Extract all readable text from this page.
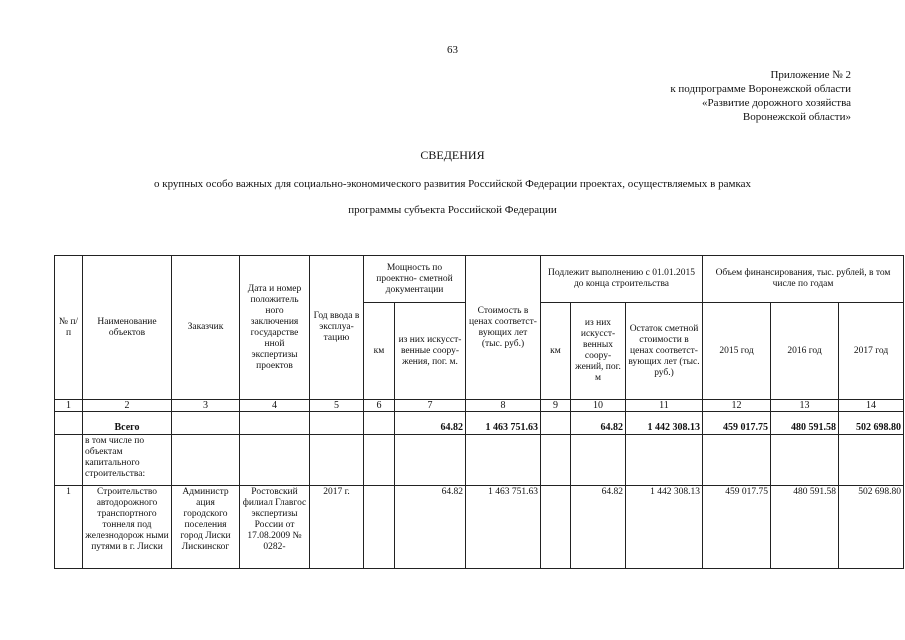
63
Приложение № 2
к подпрограмме Воронежской области
«Развитие дорожного хозяйства
Воронежской области»
СВЕДЕНИЯ
о крупных особо важных для социально-экономического развития Российской Федерации проектах, осуществляемых в рамках
программы субъекта Российской Федерации
№ п/п	Наименование объектов	Заказчик	Дата и номер положитель ного заключения государстве нной экспертизы проектов	Год ввода в эксплуа- тацию	Мощность по проектно- сметной документации		Стоимость в ценах соответст- вующих лет (тыс. руб.)	Подлежит выполнению с 01.01.2015 до конца строительства			Объем финансирования, тыс. рублей, в том числе по годам		
					км	из них искусст- венные соору- жения, пог. м.		км	из них искусст- венных соору- жений, пог. м	Остаток сметной стоимости в ценах соответст- вующих лет (тыс. руб.)	2015 год	2016 год	2017 год
1	2	3	4	5	6	7	8	9	10	11	12	13	14
	Всего					64.82	1 463 751.63		64.82	1 442 308.13	459 017.75	480 591.58	502 698.80
	в том числе по объектам капитального строительства:												
1	Строительство автодорожного транспортного тоннеля под железнодорож ными путями в г. Лиски	Администр ация городского поселения город Лиски Лискинског	Ростовский филиал Главгос экспертизы России от 17.08.2009 № 0282-	2017 г.		64.82	1 463 751.63		64.82	1 442 308.13	459 017.75	480 591.58	502 698.80
